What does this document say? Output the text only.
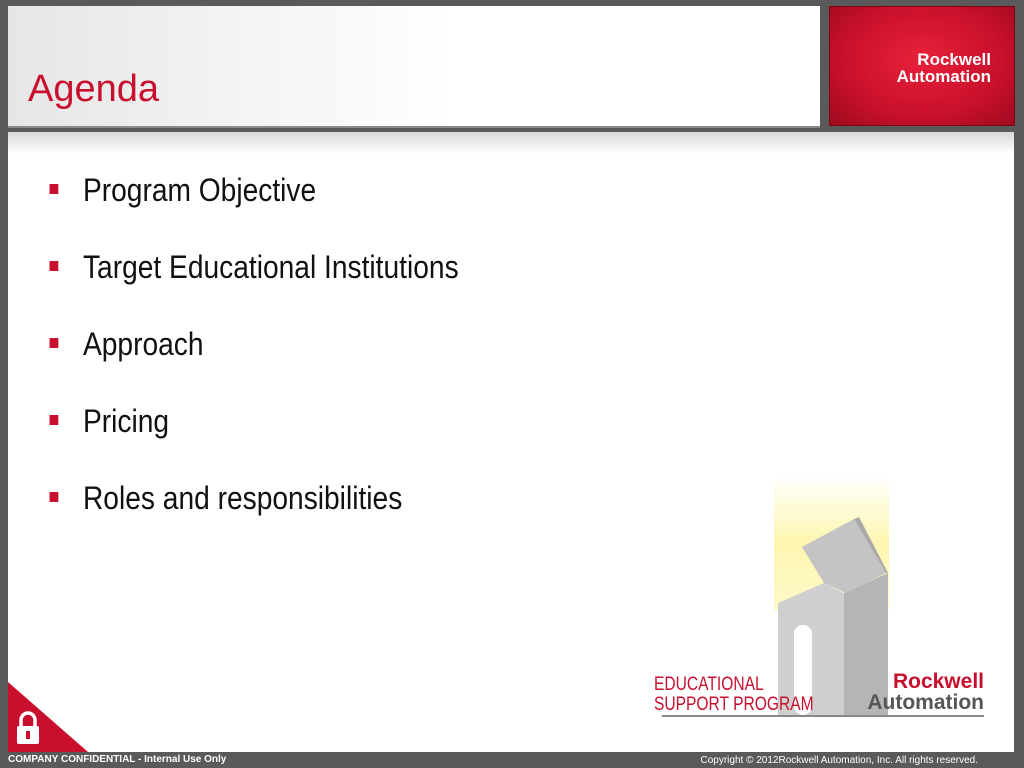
Agenda
Rockwell
Automation
Program Objective
Target Educational Institutions
Approach
Pricing
Roles and responsibilities
EDUCATIONAL
SUPPORT PROGRAM
Rockwell
Automation
COMPANY CONFIDENTIAL - Internal Use Only	Copyright © 2012Rockwell Automation, Inc. All rights reserved.
